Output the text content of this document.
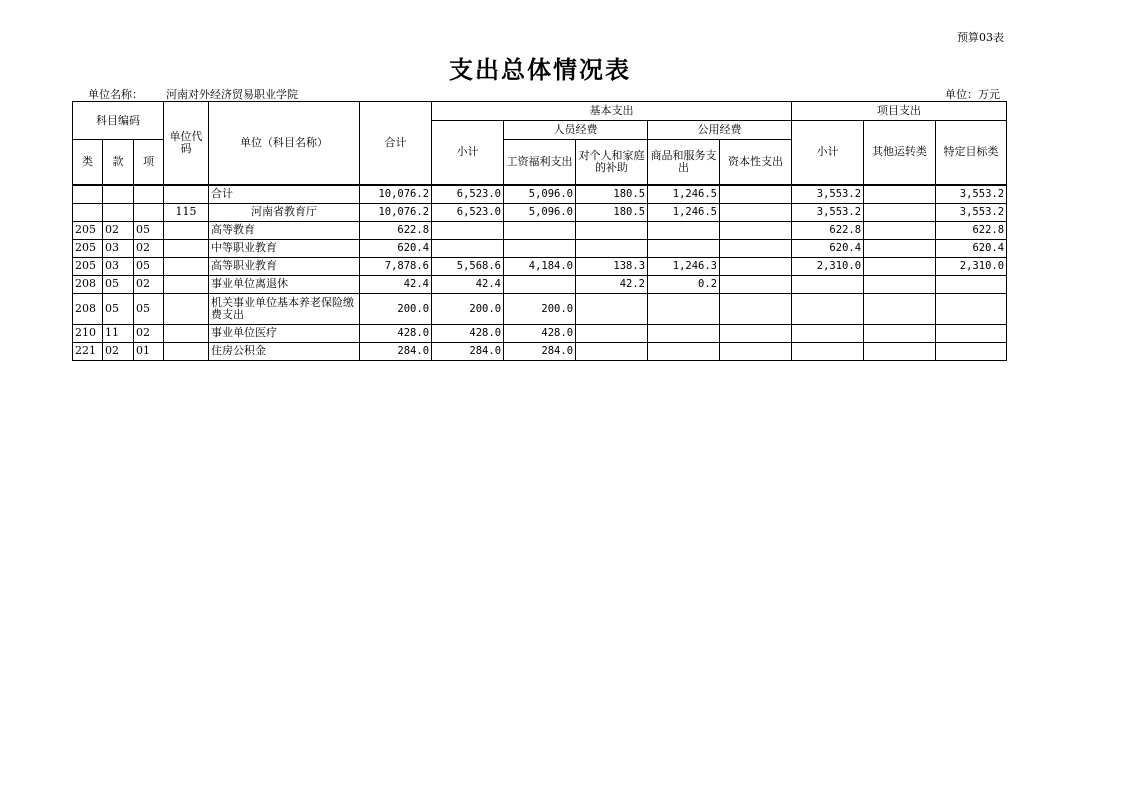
预算03表
支出总体情况表
单位名称： 河南对外经济贸易职业学院	单位：万元
科目编码			单位代码	单位（科目名称）	合计	基本支出					项目支出		
						小计	人员经费		公用经费		小计	其他运转类	特定目标类
类	款	项					工资福利支出	对个人和家庭的补助	商品和服务支出	资本性支出			
				合计	10,076.2	6,523.0	5,096.0	180.5	1,246.5		3,553.2		3,553.2
			115	河南省教育厅	10,076.2	6,523.0	5,096.0	180.5	1,246.5		3,553.2		3,553.2
205	02	05		高等教育	622.8						622.8		622.8
205	03	02		中等职业教育	620.4						620.4		620.4
205	03	05		高等职业教育	7,878.6	5,568.6	4,184.0	138.3	1,246.3		2,310.0		2,310.0
208	05	02		事业单位离退休	42.4	42.4		42.2	0.2				
208	05	05		机关事业单位基本养老保险缴费支出	200.0	200.0	200.0						
210	11	02		事业单位医疗	428.0	428.0	428.0						
221	02	01		住房公积金	284.0	284.0	284.0						
